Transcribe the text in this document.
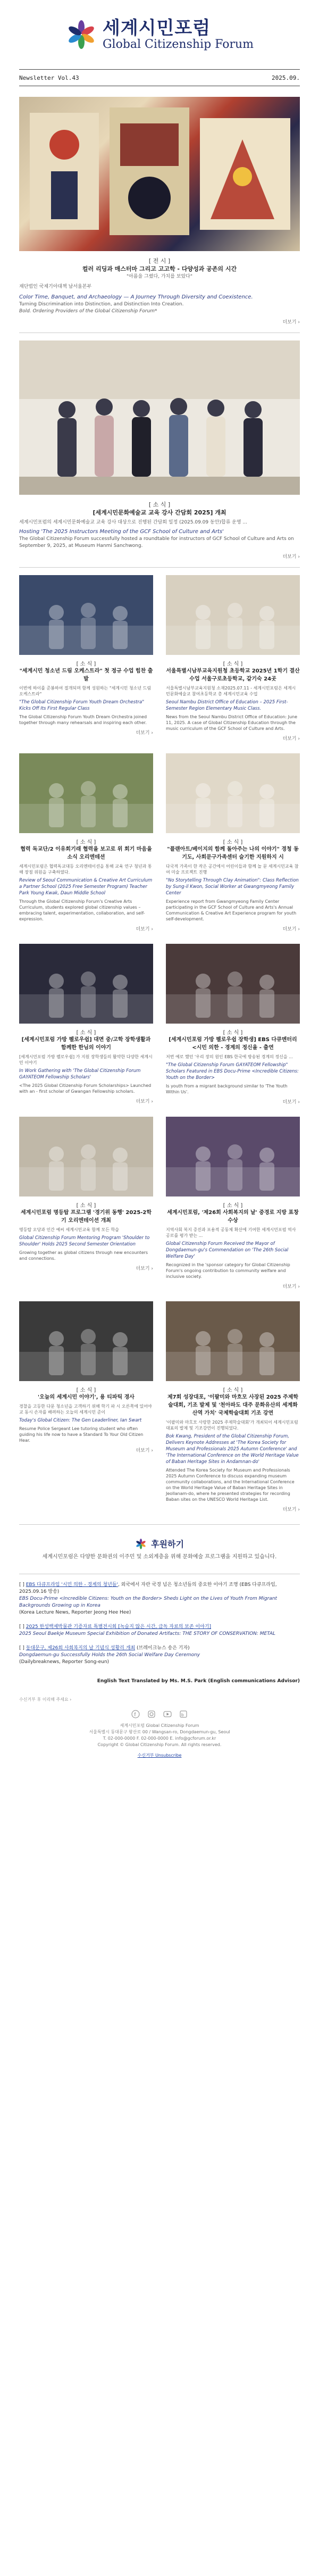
세계시민포럼
Global Citizenship Forum
Newsletter Vol.43	2025.09.
[ 전 시 ]
컬러 리딩과 매스터마 그리고 고고학 - 다양성과 공존의 시간
"아름을 그렸다, 가치를 보았다"
재단법인 국제기아대책 남서울본부
Color Time, Banquet, and Archaeology — A Journey Through Diversity and Coexistence.
Turning Discrimination into Distinction, and Distinction Into Creation.
Bold. Ordering Providers of the Global Citizenship Forum*
더보기 ›
[ 소 식 ]
[세계시민문화예술교 교육 강사 간담회 2025] 개최
세계시민포럼의 세계시민문화예술교 교육 강사 대상으로 진행된 간담회 일정 (2025.09.09 동안)합류 운영 ...
Hosting 'The 2025 Instructors Meeting of the GCF School of Culture and Arts'
The Global Citizenship Forum successfully hosted a roundtable for instructors of GCF School of Culture and Arts on September 9, 2025, at Museum Hanmi Sanchwong.
더보기 ›
[ 소 식 ]
"세계시민 청소년 드림 오케스트라" 첫 정규 수업 힘찬 출발
이번에 하이를 준봉하여 절개되며 함께 성원하는 "세계시민 청소년 드림 오케스트라"
"The Global Citizenship Forum Youth Dream Orchestra" Kicks Off Its First Regular Class
The Global Citizenship Forum Youth Dream Orchestra joined together through many rehearsals and inspiring each other.
더보기 ›
[ 소 식 ]
서울특별시남부교육지원청 초등학교 2025년 1학기 결산 수업 서울구로초등학교, 같기숙 24곳
서울특별시남부교육지원청 소재2025.07.11 - 세계시민포럼은 세계시민문화예술교 참여초등학교 총 세계시민교육 수업
Seoul Nambu District Office of Education – 2025 First-Semester Region Elementary Music Class.
News from the Seoul Nambu District Office of Education: June 11, 2025. A case of Global Citizenship Education through the music curriculum of the GCF School of Culture and Arts.
더보기 ›
[ 소 식 ]
협력 독교단/2 이유회기래 협력을 보고로 위 회기 마음을 소식 오리엔테션
세계시민포럼은 협력독교대등 오리엔테이션을 통해 교육 연구 청년과 통해 장점 위원을 구축하였다.
Review of Seoul Communication & Creative Art Curriculum a Partner School (2025 Free Semester Program) Teacher Park Young Kwak, Daun Middle School
Through the Global Citizenship Forum's Creative Arts Curriculum, students explored global citizenship values – embracing talent, experimentation, collaboration, and self-expression.
더보기 ›
[ 소 식 ]
"플랜아트/베이지의 함께 돌아주는 나의 이야기" 경청 동기도, 사회문구가족센터 슬기한 지원하지 시
다국적 가족이 한 작은 공간에서 어린이들과 함께 놀 문 세계시민교육 참여 미술 프로젝트 진행
"No Storytelling Through Clay Animation": Class Reflection by Sung-il Kwon, Social Worker at Gwangmyeong Family Center
Experience report from Gwangmyeong Family Center participating in the GCF School of Culture and Arts's Annual Communication & Creative Art Experience program for youth self-development.
더보기 ›
[ 소 식 ]
[세계시민포럼 가방 펠로우쉽] 대면 중/고학 장학생활과 함께한 한님의 이야기
[세계시민포럼 가방 펠로우쉽] 가 지원 장학생들의 활약한 다양한 세계시민 이야기
In Work Gathering with 'The Global Citizenship Forum GAYATEOM Fellowship Scholars'
<The 2025 Global Citizenship Forum Scholarships> Launched with an - first scholar of Gwangan Fellowship scholars.
더보기 ›
[ 소 식 ]
[세계시민포럼 가방 펠로우쉽 장학생] EBS 다큐멘터리 <시민 의한 - 경계의 정신을 - 출연
저번 예로 했던 '우리 장의 원인 EBS 한국에 방송된 경계의 정신을 ...
"The Global Citizenship Forum GAYATEOM Fellowship" Scholars Featured in EBS Docu-Prime <Incredible Citizens: Youth on the Border>
Is youth from a migrant background similar to 'The Youth Within Us'.
더보기 ›
[ 소 식 ]
세계시민포럼 명등탑 프로그램 '경기위 동행' 2025-2학기 오리엔테이션 개최
명등탑 오당과 인간 예씨 세계시민교육 함께 모든 학습
Global Citizenship Forum Mentoring Program 'Shoulder to Shoulder' Holds 2025 Second Semester Orientation
Growing together as global citizens through new encounters and connections.
더보기 ›
[ 소 식 ]
세계시민포럼, '제26회 사회복지의 날' 중경로 지방 표창 수상
지역사회 복지 증진과 포용적 공동체 확산에 기여한 세계시민포럼 역사 공로를 평가 받는 ...
Global Citizenship Forum Received the Mayor of Dongdaemun-gu's Commendation on 'The 26th Social Welfare Day'
Recognized in the 'sponsor category for Global Citizenship Forum's ongoing contribution to community welfare and inclusive society.
더보기 ›
[ 소 식 ]
'오늘의 세계시민 이야기', 용 티파틱 경사
경찰을 고등한 다문 청소년을 고객하기 위해 학기 파 시 오른쪽에 있어야 교 동시 손자를 배려하는 오늘의 세계시민 준이
Today's Global Citizen: The Gen Leaderliner, Ian Swart
Resume Police Sergeant Lee tutoring student who often guiding his life now to have a Standard To Your Old Citizen Hear.
더보기 ›
[ 소 식 ]
제7회 성장대포, '이팔미와 마흐모 사장된 2025 주제학술대회, 기조 발제 및 '천아파도 대주 문화유산의 세계화산역 가치' 국제학술대회 기조 강연
'이팔미와 마흐모 사랑한 2025 주제학술대회'가 개최되어 세계시민포럼 대표의 발제 및 기조강연이 진행되었다.
Bok Kwang, President of the Global Citizenship Forum, Delivers Keynote Addresses at 'The Korea Society for Museum and Professionals 2025 Autumn Conference' and 'The International Conference on the World Heritage Value of Baban Heritage Sites in Andamnan-do'
Attended The Korea Society for Museum and Professionals 2025 Autumn Conference to discuss expanding museum community collaborations, and the International Conference on the World Heritage Value of Baban Heritage Sites in Jeollanam-do, where he presented strategies for recording Baban sites on the UNESCO World Heritage List.
더보기 ›
후원하기
세계시민포럼은 다양한 문화권의 이주민 및 소외계층을 위해 문화예술 프로그램을 지원하고 있습니다.
[ ] EBS 다큐프라임 '시민 의한 - 경계의 청년들', 외국에서 자란 국경 넘은 청소년들의 중요한 이야기 조명 (EBS 다큐프라임, 2025.09.16 방송)
EBS Docu-Prime <Incredible Citizens: Youth on the Border> Sheds Light on the Lives of Youth From Migrant Backgrounds Growing up in Korea
(Korea Lecture News, Reporter Jeong Hee Hee)
[ ] 2025 한성백제박물관 기증자료 특별전시회 [녹슬지 않은 시간, 급독 자료의 보존 이야기]
2025 Seoul Baekje Museum Special Exhibition of Donated Artifacts: THE STORY OF CONSERVATION: METAL
[ ] 동대문구, 제26회 사회복지의 날 기념식 성황리 개최 (브레이크뉴스 송은 기자)
Dongdaemun-gu Successfully Holds the 26th Social Welfare Day Ceremony
(Dailybreaknews, Reporter Song-eun)
English Text Translated by Ms. M.S. Park (English communications Advisor)
수신거부 후 이리해 주세요 ›
f	b
세계시민포럼 Global Citizenship Forum
서울특별시 동대문구 왕산로 00 / Wangsan-ro, Dongdaemun-gu, Seoul
T. 02-000-0000 F. 02-000-0000 E. info@gcforum.or.kr
Copyright © Global Citizenship Forum. All rights reserved.
수신거부 Unsubscribe
